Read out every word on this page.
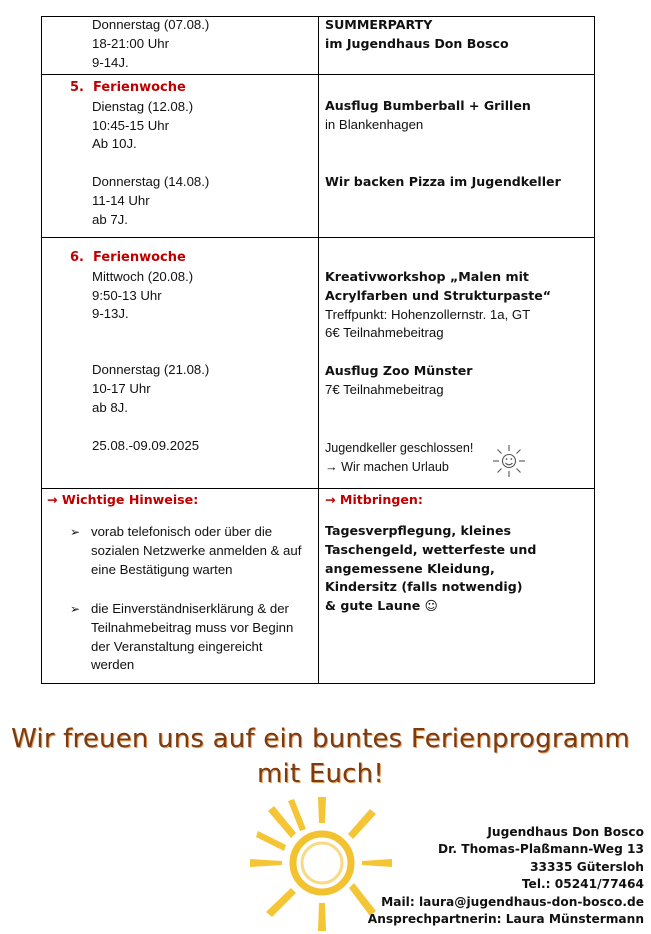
Donnerstag (07.08.)
18-21:00 Uhr
9-14J.
SUMMERPARTY
im Jugendhaus Don Bosco
5. Ferienwoche
Dienstag (12.08.)
10:45-15 Uhr
Ab 10J.
Donnerstag (14.08.)
11-14 Uhr
ab 7J.
Ausflug Bumberball + Grillen
in Blankenhagen
Wir backen Pizza im Jugendkeller
6. Ferienwoche
Mittwoch (20.08.)
9:50-13 Uhr
9-13J.
Donnerstag (21.08.)
10-17 Uhr
ab 8J.
25.08.-09.09.2025
Kreativworkshop „Malen mit
Acrylfarben und Strukturpaste“
Treffpunkt: Hohenzollernstr. 1a, GT
6€ Teilnahmebeitrag
Ausflug Zoo Münster
7€ Teilnahmebeitrag
Jugendkeller geschlossen!
→ Wir machen Urlaub
→ Wichtige Hinweise:
➢ vorab telefonisch oder über die
sozialen Netzwerke anmelden & auf
eine Bestätigung warten
➢ die Einverständniserklärung & der
Teilnahmebeitrag muss vor Beginn
der Veranstaltung eingereicht
werden
→ Mitbringen:
Tagesverpflegung, kleines
Taschengeld, wetterfeste und
angemessene Kleidung,
Kindersitz (falls notwendig)
& gute Laune ☺
Wir freuen uns auf ein buntes Ferienprogramm
mit Euch!
Jugendhaus Don Bosco
Dr. Thomas-Plaßmann-Weg 13
33335 Gütersloh
Tel.: 05241/77464
Mail: laura@jugendhaus-don-bosco.de
Ansprechpartnerin: Laura Münstermann
